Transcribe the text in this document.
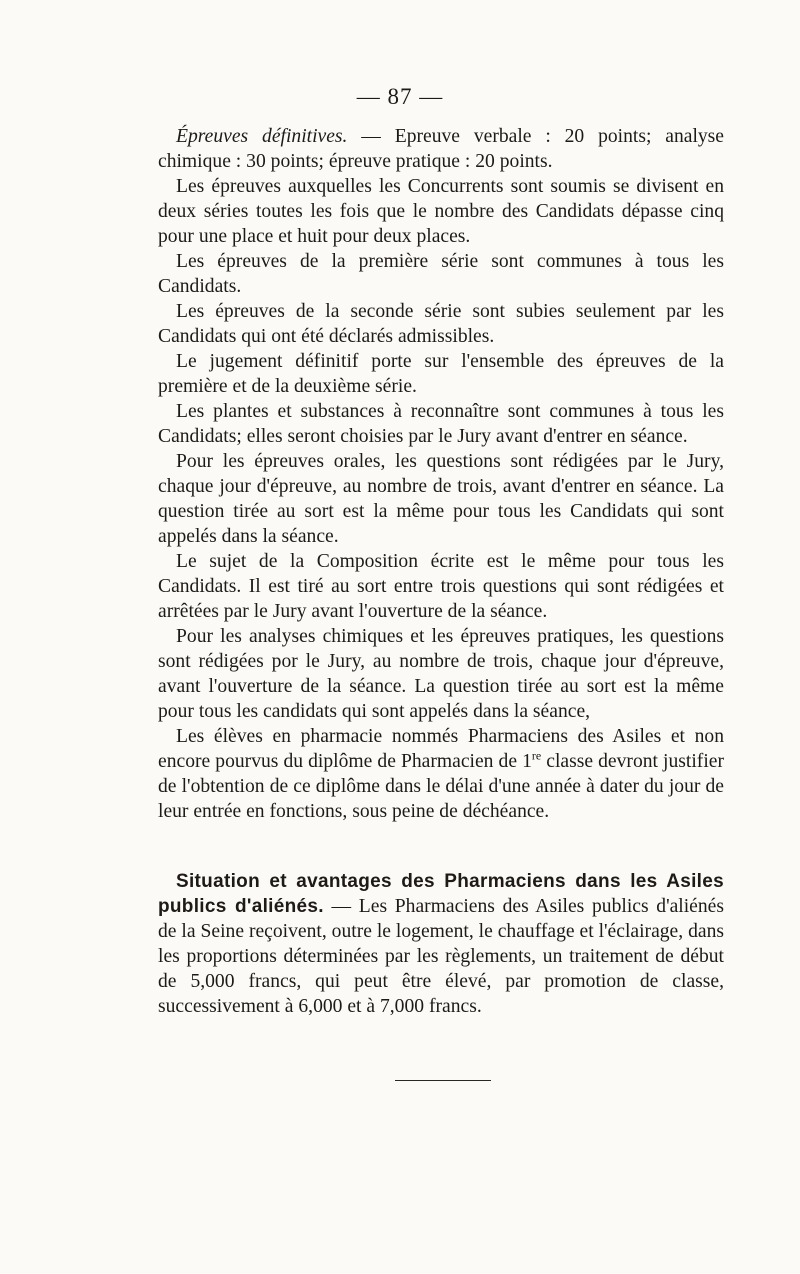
— 87 —

Épreuves définitives. — Epreuve verbale : 20 points; analyse chimique : 30 points; épreuve pratique : 20 points.

Les épreuves auxquelles les Concurrents sont soumis se divisent en deux séries toutes les fois que le nombre des Candidats dépasse cinq pour une place et huit pour deux places.

Les épreuves de la première série sont communes à tous les Candidats.

Les épreuves de la seconde série sont subies seulement par les Candidats qui ont été déclarés admissibles.

Le jugement définitif porte sur l'ensemble des épreuves de la première et de la deuxième série.

Les plantes et substances à reconnaître sont communes à tous les Candidats; elles seront choisies par le Jury avant d'entrer en séance.

Pour les épreuves orales, les questions sont rédigées par le Jury, chaque jour d'épreuve, au nombre de trois, avant d'entrer en séance. La question tirée au sort est la même pour tous les Candidats qui sont appelés dans la séance.

Le sujet de la Composition écrite est le même pour tous les Candidats. Il est tiré au sort entre trois questions qui sont rédigées et arrêtées par le Jury avant l'ouverture de la séance.

Pour les analyses chimiques et les épreuves pratiques, les questions sont rédigées por le Jury, au nombre de trois, chaque jour d'épreuve, avant l'ouverture de la séance. La question tirée au sort est la même pour tous les candidats qui sont appelés dans la séance,

Les élèves en pharmacie nommés Pharmaciens des Asiles et non encore pourvus du diplôme de Pharmacien de 1re classe devront justifier de l'obtention de ce diplôme dans le délai d'une année à dater du jour de leur entrée en fonctions, sous peine de déchéance.

Situation et avantages des Pharmaciens dans les Asiles publics d'aliénés. — Les Pharmaciens des Asiles publics d'aliénés de la Seine reçoivent, outre le logement, le chauffage et l'éclairage, dans les proportions déterminées par les règlements, un traitement de début de 5,000 francs, qui peut être élevé, par promotion de classe, successivement à 6,000 et à 7,000 francs.
